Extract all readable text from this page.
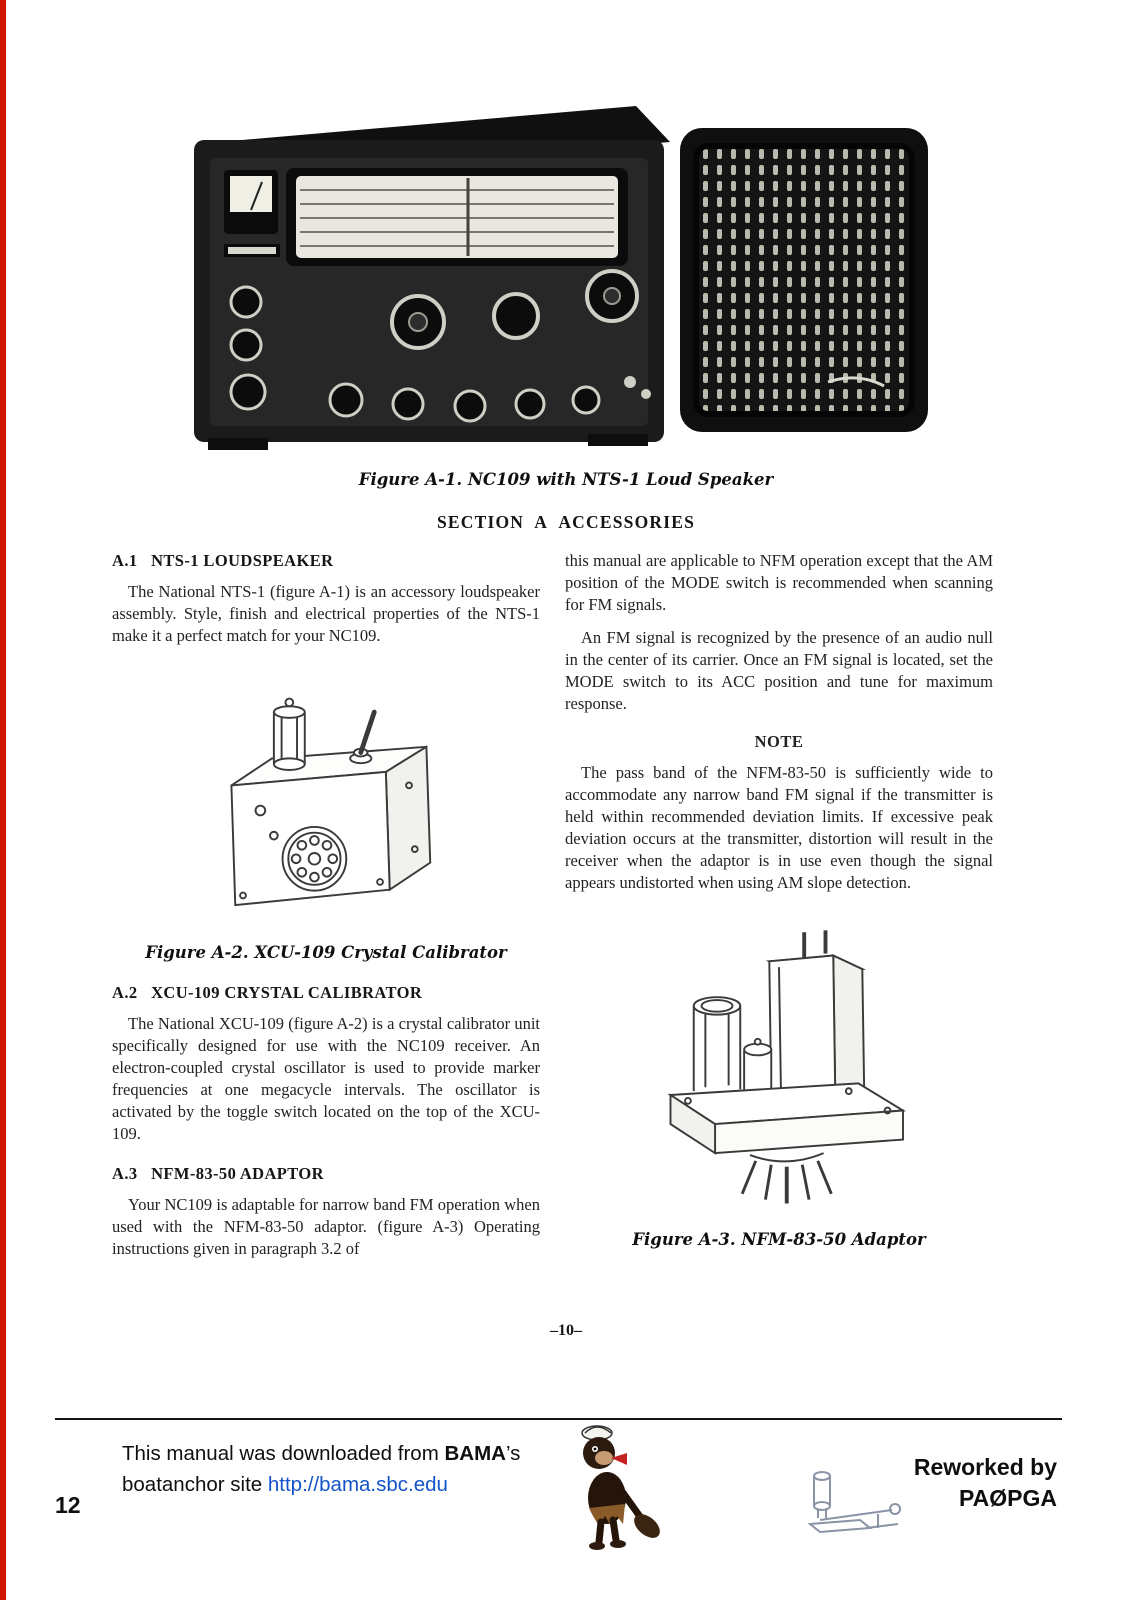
Figure A-1. NC109 with NTS-1 Loud Speaker
SECTION  A  ACCESSORIES
A.1   NTS-1 LOUDSPEAKER

The National NTS-1 (figure A-1) is an accessory loudspeaker assembly. Style, finish and electrical properties of the NTS-1 make it a perfect match for your NC109.

Figure A-2. XCU-109 Crystal Calibrator
A.2   XCU-109 CRYSTAL CALIBRATOR

The National XCU-109 (figure A-2) is a crystal calibrator unit specifically designed for use with the NC109 receiver. An electron-coupled crystal oscillator is used to provide marker frequencies at one megacycle intervals. The oscillator is activated by the toggle switch located on the top of the XCU-109.

A.3   NFM-83-50 ADAPTOR

Your NC109 is adaptable for narrow band FM operation when used with the NFM-83-50 adaptor. (figure A-3) Operating instructions given in paragraph 3.2 of

this manual are applicable to NFM operation except that the AM position of the MODE switch is recommended when scanning for FM signals.

An FM signal is recognized by the presence of an audio null in the center of its carrier. Once an FM signal is located, set the MODE switch to its ACC position and tune for maximum response.

NOTE

The pass band of the NFM-83-50 is sufficiently wide to accommodate any narrow band FM signal if the transmitter is held within recommended deviation limits. If excessive peak deviation occurs at the transmitter, distortion will result in the receiver when the adaptor is in use even though the signal appears undistorted when using AM slope detection.

Figure A-3. NFM-83-50 Adaptor
–10–
This manual was downloaded from BAMA’s
boatanchor site http://bama.sbc.edu
12
Reworked by
PAØPGA
